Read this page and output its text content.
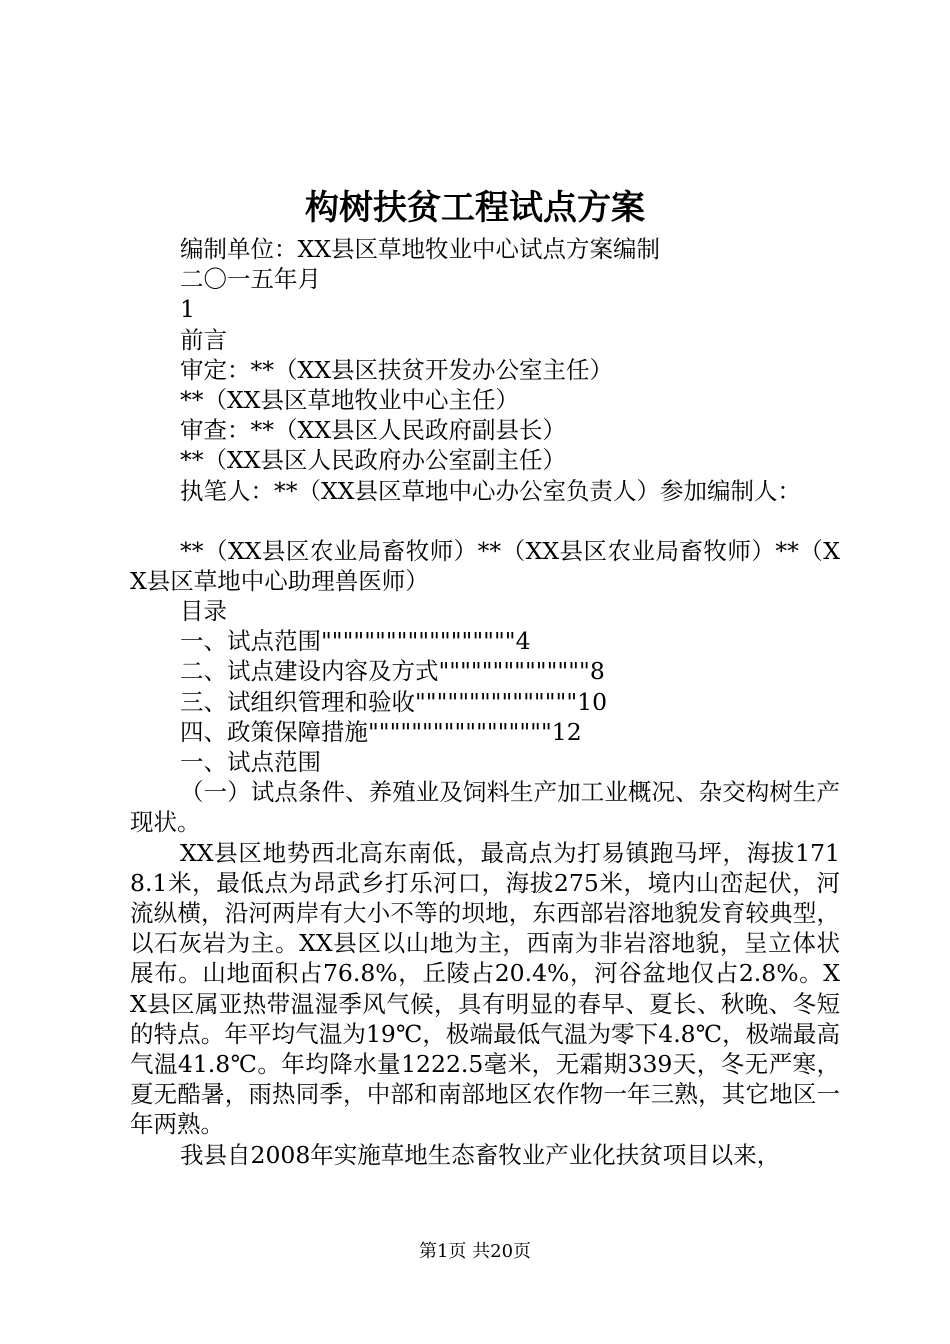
构树扶贫工程试点方案
编制单位：XX县区草地牧业中心试点方案编制
二〇一五年月
1
前言
审定：**（XX县区扶贫开发办公室主任）
**（XX县区草地牧业中心主任）
审查：**（XX县区人民政府副县长）
**（XX县区人民政府办公室副主任）
执笔人：**（XX县区草地中心办公室负责人）参加编制人：
**（XX县区农业局畜牧师）**（XX县区农业局畜牧师）**（XX县区草地中心助理兽医师）
目录
一、试点范围""""""""""""""""""4
二、试点建设内容及方式""""""""""""""8
三、试组织管理和验收"""""""""""""""10
四、政策保障措施"""""""""""""""""12
一、试点范围
（一）试点条件、养殖业及饲料生产加工业概况、杂交构树生产现状。
XX县区地势西北高东南低，最高点为打易镇跑马坪，海拔1718.1米，最低点为昂武乡打乐河口，海拔275米，境内山峦起伏，河流纵横，沿河两岸有大小不等的坝地，东西部岩溶地貌发育较典型，以石灰岩为主。XX县区以山地为主，西南为非岩溶地貌，呈立体状展布。山地面积占76.8%，丘陵占20.4%，河谷盆地仅占2.8%。XX县区属亚热带温湿季风气候，具有明显的春早、夏长、秋晚、冬短的特点。年平均气温为19℃，极端最低气温为零下4.8℃，极端最高气温41.8℃。年均降水量1222.5毫米，无霜期339天，冬无严寒，夏无酷暑，雨热同季，中部和南部地区农作物一年三熟，其它地区一年两熟。
我县自2008年实施草地生态畜牧业产业化扶贫项目以来，
第1页 共20页
